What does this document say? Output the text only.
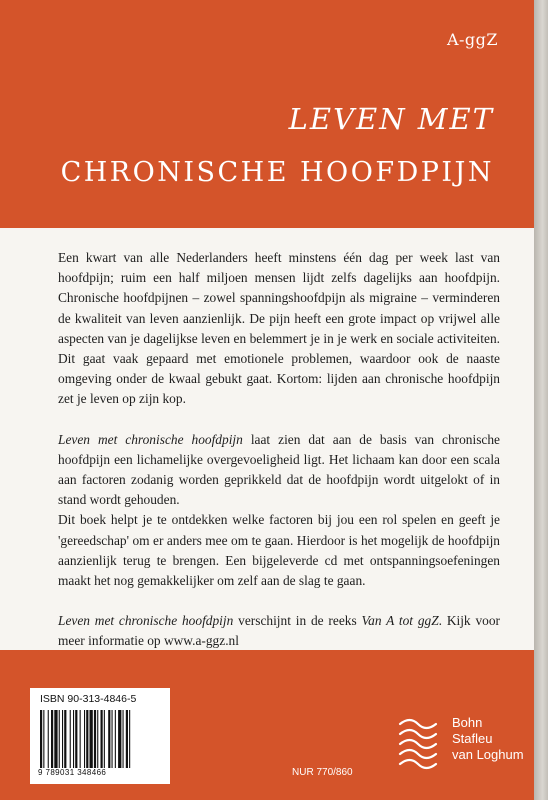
A-ggZ
LEVEN MET
CHRONISCHE HOOFDPIJN

Een kwart van alle Nederlanders heeft minstens één dag per week last van hoofdpijn; ruim een half miljoen mensen lijdt zelfs dagelijks aan hoofdpijn. Chronische hoofdpijnen – zowel spanningshoofdpijn als migraine – verminderen de kwaliteit van leven aanzienlijk. De pijn heeft een grote impact op vrijwel alle aspecten van je dagelijkse leven en belemmert je in je werk en sociale activiteiten. Dit gaat vaak gepaard met emotionele problemen, waardoor ook de naaste omgeving onder de kwaal gebukt gaat. Kortom: lijden aan chronische hoofdpijn zet je leven op zijn kop.

Leven met chronische hoofdpijn laat zien dat aan de basis van chronische hoofdpijn een lichamelijke overgevoeligheid ligt. Het lichaam kan door een scala aan factoren zodanig worden geprikkeld dat de hoofdpijn wordt uitgelokt of in stand wordt gehouden.

Dit boek helpt je te ontdekken welke factoren bij jou een rol spelen en geeft je 'gereedschap' om er anders mee om te gaan. Hierdoor is het mogelijk de hoofdpijn aanzienlijk terug te brengen. Een bijgeleverde cd met ontspanningsoefeningen maakt het nog gemakkelijker om zelf aan de slag te gaan.

Leven met chronische hoofdpijn verschijnt in de reeks Van A tot ggZ. Kijk voor meer informatie op www.a-ggz.nl

ISBN 90-313-4846-5
9 789031 348466	NUR 770/860
Bohn
Stafleu
van Loghum
